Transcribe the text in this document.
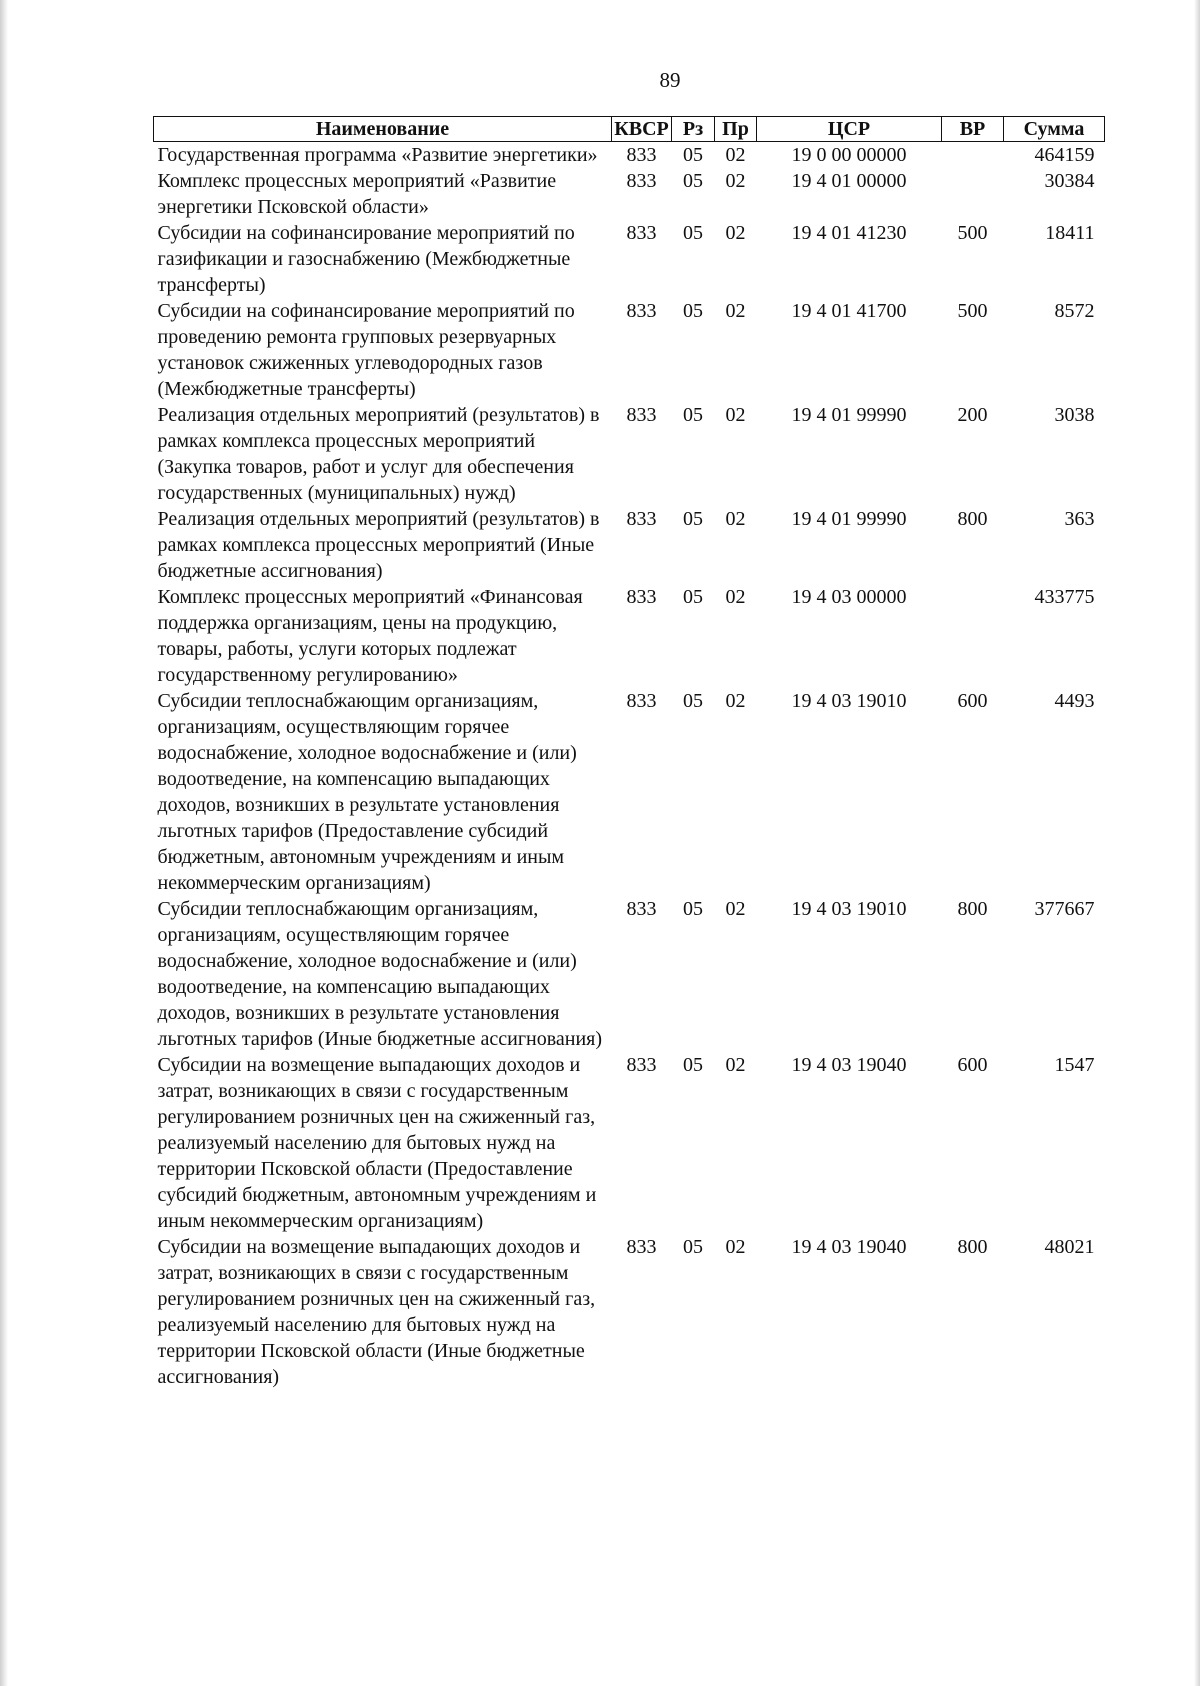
89
Наименование	КВСР	Рз	Пр	ЦСР	ВР	Сумма
Государственная программа «Развитие энергетики»	833	05	02	19 0 00 00000		464159
Комплекс процессных мероприятий «Развитие энергетики Псковской области»	833	05	02	19 4 01 00000		30384
Субсидии на софинансирование мероприятий по газификации и газоснабжению (Межбюджетные трансферты)	833	05	02	19 4 01 41230	500	18411
Субсидии на софинансирование мероприятий по проведению ремонта групповых резервуарных установок сжиженных углеводородных газов (Межбюджетные трансферты)	833	05	02	19 4 01 41700	500	8572
Реализация отдельных мероприятий (результатов) в рамках комплекса процессных мероприятий (Закупка товаров, работ и услуг для обеспечения государственных (муниципальных) нужд)	833	05	02	19 4 01 99990	200	3038
Реализация отдельных мероприятий (результатов) в рамках комплекса процессных мероприятий (Иные бюджетные ассигнования)	833	05	02	19 4 01 99990	800	363
Комплекс процессных мероприятий «Финансовая поддержка организациям, цены на продукцию, товары, работы, услуги которых подлежат государственному регулированию»	833	05	02	19 4 03 00000		433775
Субсидии теплоснабжающим организациям, организациям, осуществляющим горячее водоснабжение, холодное водоснабжение и (или) водоотведение, на компенсацию выпадающих доходов, возникших в результате установления льготных тарифов (Предоставление субсидий бюджетным, автономным учреждениям и иным некоммерческим организациям)	833	05	02	19 4 03 19010	600	4493
Субсидии теплоснабжающим организациям, организациям, осуществляющим горячее водоснабжение, холодное водоснабжение и (или) водоотведение, на компенсацию выпадающих доходов, возникших в результате установления льготных тарифов (Иные бюджетные ассигнования)	833	05	02	19 4 03 19010	800	377667
Субсидии на возмещение выпадающих доходов и затрат, возникающих в связи с государственным регулированием розничных цен на сжиженный газ, реализуемый населению для бытовых нужд на территории Псковской области (Предоставление субсидий бюджетным, автономным учреждениям и иным некоммерческим организациям)	833	05	02	19 4 03 19040	600	1547
Субсидии на возмещение выпадающих доходов и затрат, возникающих в связи с государственным регулированием розничных цен на сжиженный газ, реализуемый населению для бытовых нужд на территории Псковской области (Иные бюджетные ассигнования)	833	05	02	19 4 03 19040	800	48021
